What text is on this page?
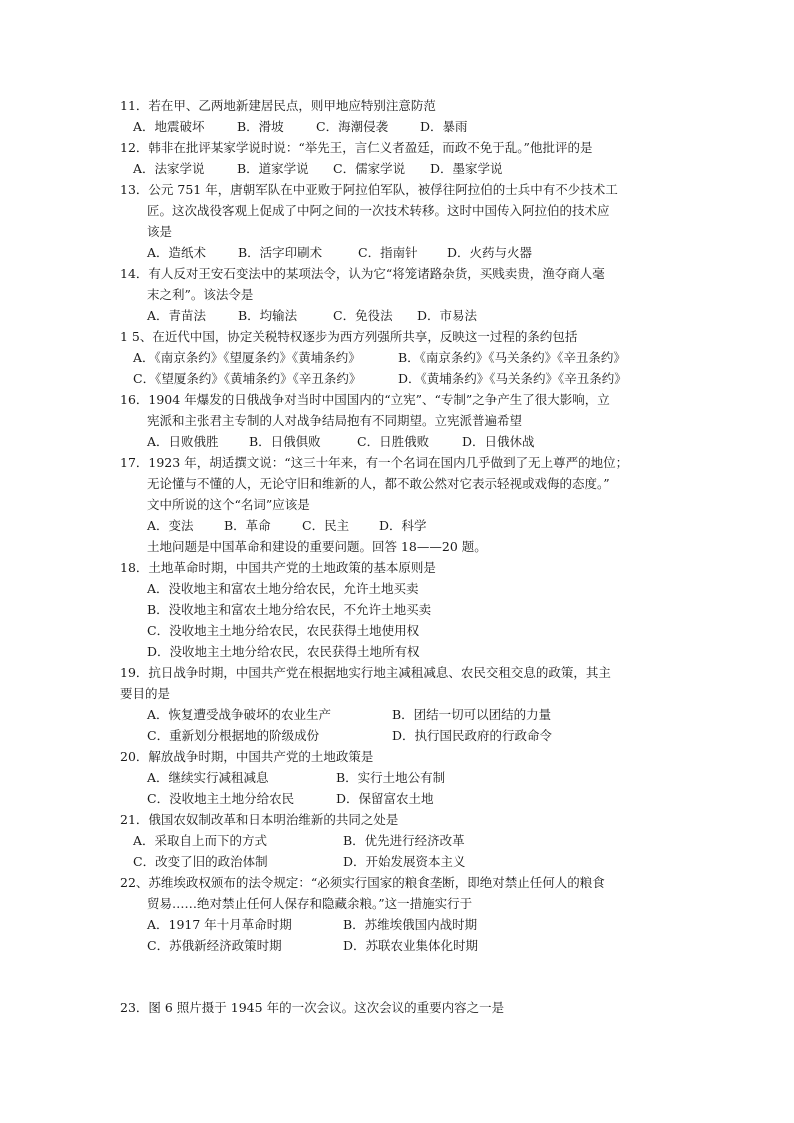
11．若在甲、乙两地新建居民点，则甲地应特别注意防范
A．地震破坏	B．滑坡	C．海潮侵袭	D．暴雨
12．韩非在批评某家学说时说：“举先王，言仁义者盈廷，而政不免于乱。”他批评的是
A．法家学说	B．道家学说 C．儒家学说 D．墨家学说
13．公元 751 年，唐朝军队在中亚败于阿拉伯军队，被俘往阿拉伯的士兵中有不少技术工
匠。这次战役客观上促成了中阿之间的一次技术转移。这时中国传入阿拉伯的技术应
该是
A．造纸术	B．活字印刷术	C．指南针 D．火药与火器
14．有人反对王安石变法中的某项法令，认为它“将笼诸路杂货，买贱卖贵，渔夺商人毫
末之利”。该法令是
A．青苗法	B．均输法	C．免役法 D．市易法
1 5、在近代中国，协定关税特权逐步为西方列强所共享，反映这一过程的条约包括
A．《南京条约》《望厦条约》《黄埔条约》	B．《南京条约》《马关条约》《辛丑条约》
C．《望厦条约》《黄埔条约》《辛丑条约》	D．《黄埔条约》《马关条约》《辛丑条约》
16．1904 年爆发的日俄战争对当时中国国内的“立宪”、“专制”之争产生了很大影响，立
宪派和主张君主专制的人对战争结局抱有不同期望。立宪派普遍希望
A．日败俄胜 B．日俄俱败	C．日胜俄败	D．日俄休战
17．1923 年，胡适撰文说：“这三十年来，有一个名词在国内几乎做到了无上尊严的地位；
无论懂与不懂的人，无论守旧和维新的人，都不敢公然对它表示轻视或戏侮的态度。”
文中所说的这个“名词”应该是
A．变法 B．革命	C．民主 D．科学
土地问题是中国革命和建设的重要问题。回答 18——20 题。
18．土地革命时期，中国共产党的土地政策的基本原则是
A．没收地主和富农土地分给农民，允许土地买卖
B．没收地主和富农土地分给农民，不允许土地买卖
C．没收地主土地分给农民，农民获得土地使用权
D．没收地主土地分给农民，农民获得土地所有权
19．抗日战争时期，中国共产党在根据地实行地主减租减息、农民交租交息的政策，其主
要目的是
A．恢复遭受战争破坏的农业生产	B．团结一切可以团结的力量
C．重新划分根据地的阶级成份	D．执行国民政府的行政命令
20．解放战争时期，中国共产党的土地政策是
A．继续实行减租减息	B．实行土地公有制
C．没收地主土地分给农民	D．保留富农土地
21．俄国农奴制改革和日本明治维新的共同之处是
A．采取自上而下的方式	B．优先进行经济改革
C．改变了旧的政治体制	D．开始发展资本主义
22、苏维埃政权颁布的法令规定：“必须实行国家的粮食垄断，即绝对禁止任何人的粮食
贸易……绝对禁止任何人保存和隐藏余粮。”这一措施实行于
A．1917 年十月革命时期	B．苏维埃俄国内战时期
C．苏俄新经济政策时期	D．苏联农业集体化时期
23．图 6 照片摄于 1945 年的一次会议。这次会议的重要内容之一是
